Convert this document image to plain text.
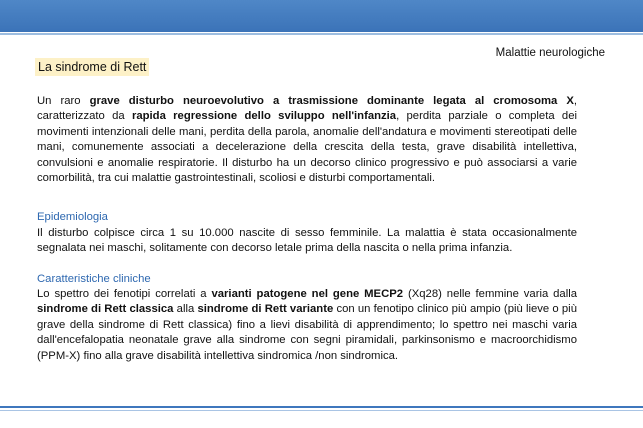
Malattie neurologiche
La sindrome di Rett

Un raro grave disturbo neuroevolutivo a trasmissione dominante legata al cromosoma X, caratterizzato da rapida regressione dello sviluppo nell'infanzia, perdita parziale o completa dei movimenti intenzionali delle mani, perdita della parola, anomalie dell'andatura e movimenti stereotipati delle mani, comunemente associati a decelerazione della crescita della testa, grave disabilità intellettiva, convulsioni e anomalie respiratorie. Il disturbo ha un decorso clinico progressivo e può associarsi a varie comorbilità, tra cui malattie gastrointestinali, scoliosi e disturbi comportamentali.

Epidemiologia

Il disturbo colpisce circa 1 su 10.000 nascite di sesso femminile. La malattia è stata occasionalmente segnalata nei maschi, solitamente con decorso letale prima della nascita o nella prima infanzia.

Caratteristiche cliniche

Lo spettro dei fenotipi correlati a varianti patogene nel gene MECP2 (Xq28) nelle femmine varia dalla sindrome di Rett classica alla sindrome di Rett variante con un fenotipo clinico più ampio (più lieve o più grave della sindrome di Rett classica) fino a lievi disabilità di apprendimento; lo spettro nei maschi varia dall'encefalopatia neonatale grave alla sindrome con segni piramidali, parkinsonismo e macroorchidismo (PPM-X) fino alla grave disabilità intellettiva sindromica /non sindromica.
